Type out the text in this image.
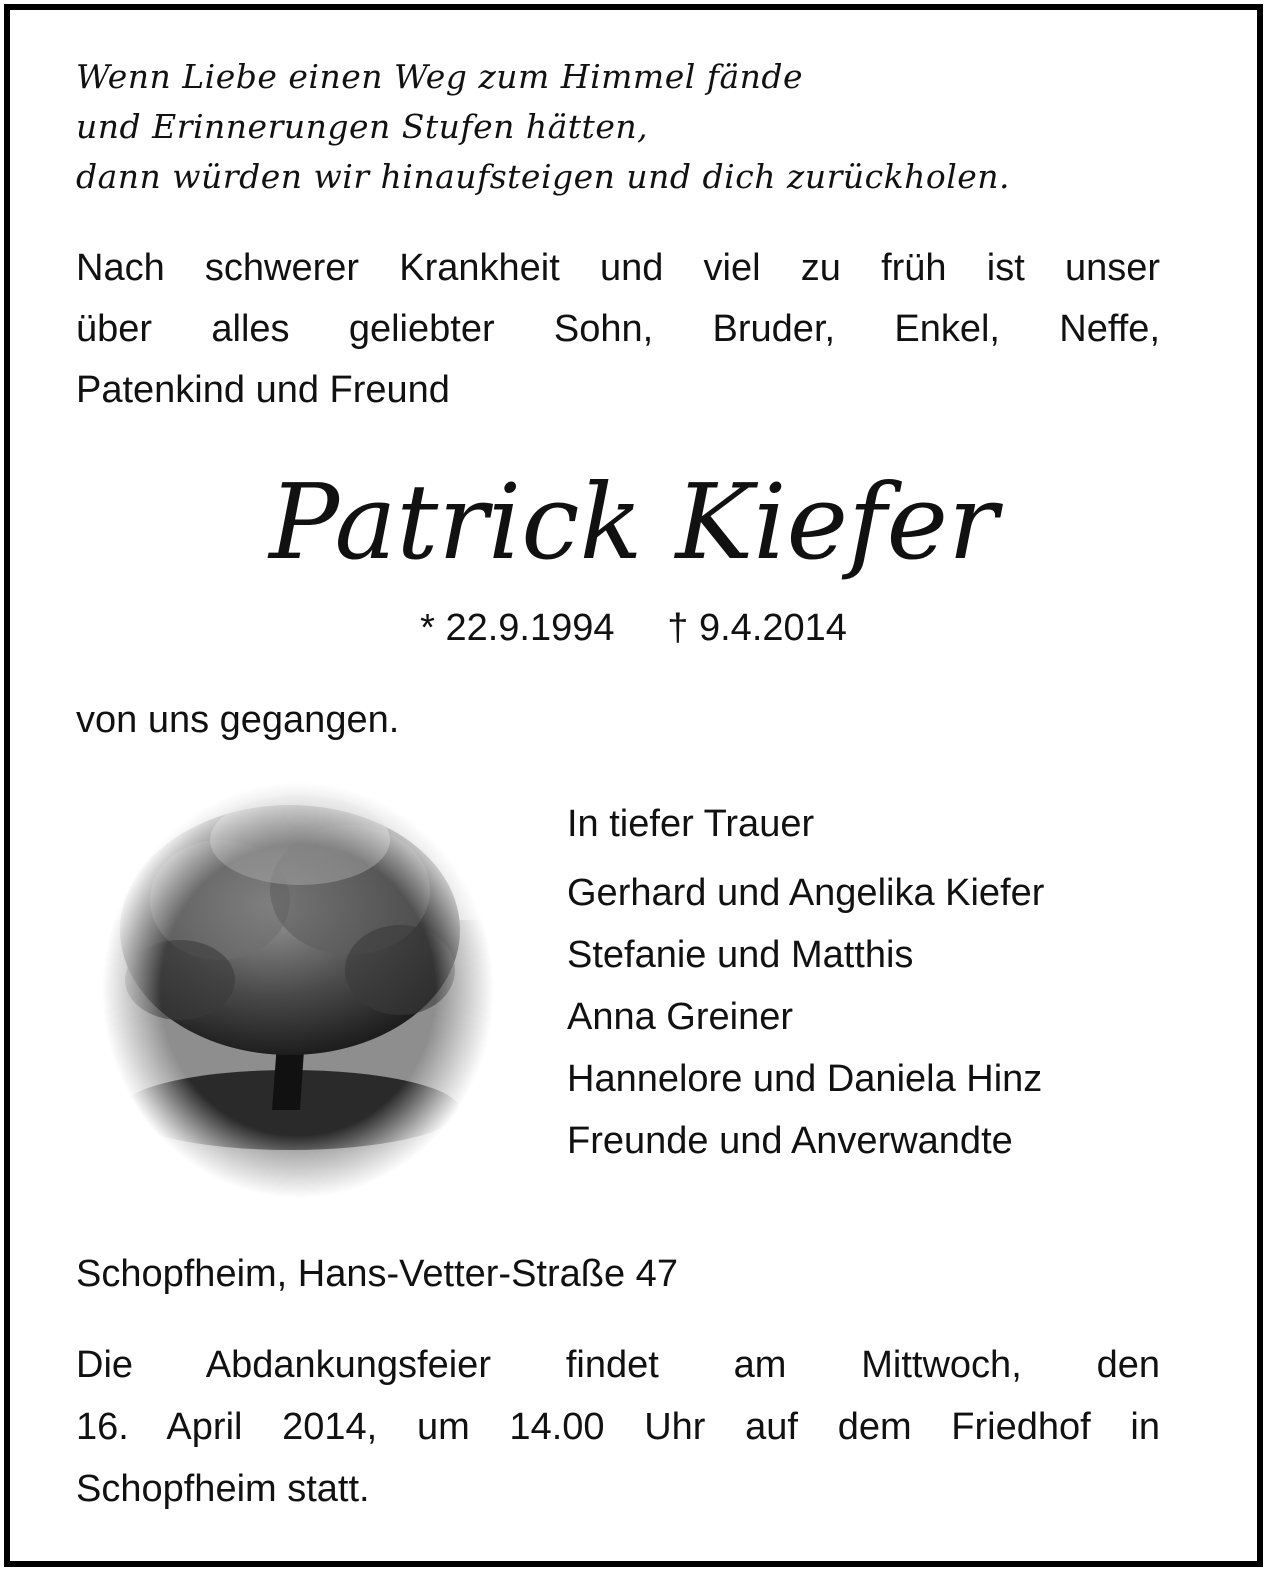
Wenn Liebe einen Weg zum Himmel fände
und Erinnerungen Stufen hätten,
dann würden wir hinaufsteigen und dich zurückholen.
Nach schwerer Krankheit und viel zu früh ist unser
über alles geliebter Sohn, Bruder, Enkel, Neffe,
Patenkind und Freund
Patrick Kiefer
* 22.9.1994 † 9.4.2014
von uns gegangen.
In tiefer Trauer
Gerhard und Angelika Kiefer
Stefanie und Matthis
Anna Greiner
Hannelore und Daniela Hinz
Freunde und Anverwandte
Schopfheim, Hans-Vetter-Straße 47
Die Abdankungsfeier findet am Mittwoch, den
16. April 2014, um 14.00 Uhr auf dem Friedhof in
Schopfheim statt.
